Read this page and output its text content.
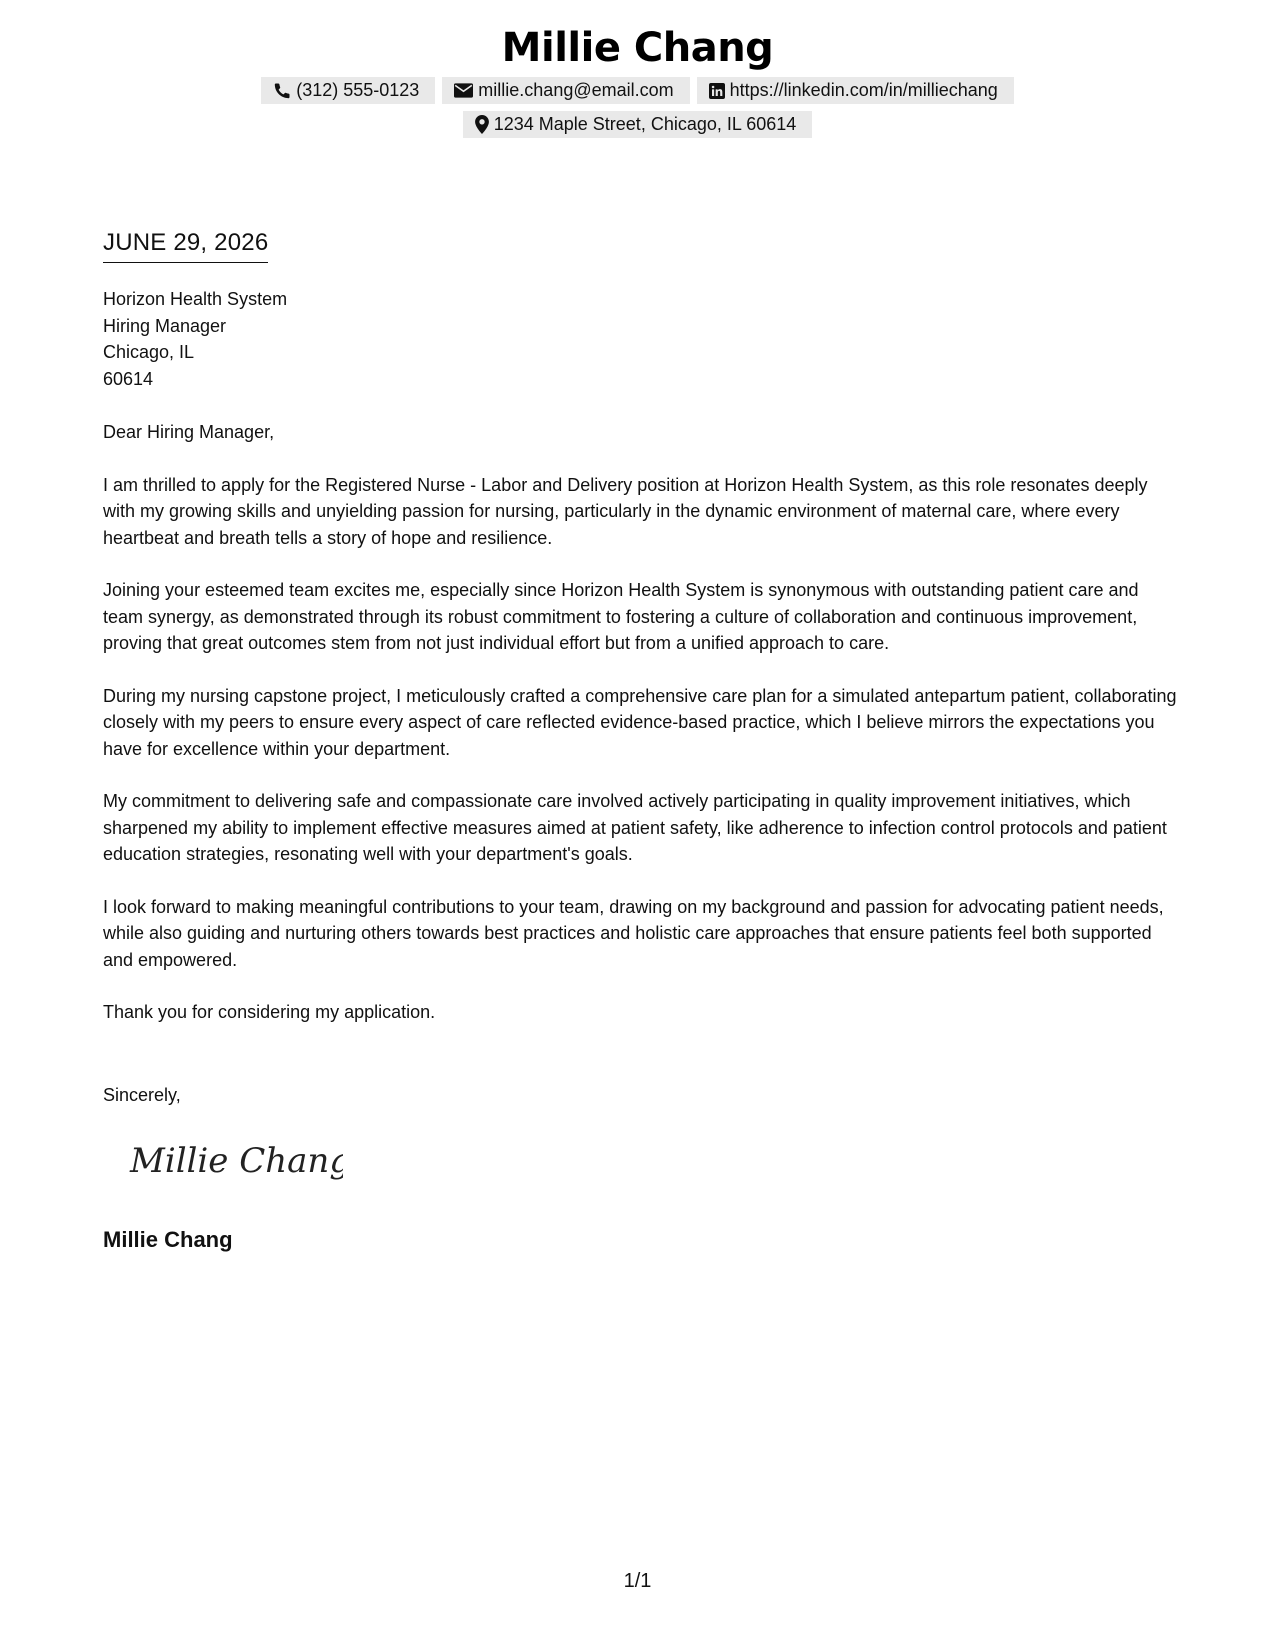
Millie Chang
(312) 555-0123	millie.chang@email.com	https://linkedin.com/in/milliechang
1234 Maple Street, Chicago, IL 60614
JUNE 29, 2026
Horizon Health System
Hiring Manager
Chicago, IL
60614

Dear Hiring Manager,

I am thrilled to apply for the Registered Nurse - Labor and Delivery position at Horizon Health System, as this role resonates deeply with my growing skills and unyielding passion for nursing, particularly in the dynamic environment of maternal care, where every heartbeat and breath tells a story of hope and resilience.

Joining your esteemed team excites me, especially since Horizon Health System is synonymous with outstanding patient care and team synergy, as demonstrated through its robust commitment to fostering a culture of collaboration and continuous improvement, proving that great outcomes stem from not just individual effort but from a unified approach to care.

During my nursing capstone project, I meticulously crafted a comprehensive care plan for a simulated antepartum patient, collaborating closely with my peers to ensure every aspect of care reflected evidence-based practice, which I believe mirrors the expectations you have for excellence within your department.

My commitment to delivering safe and compassionate care involved actively participating in quality improvement initiatives, which sharpened my ability to implement effective measures aimed at patient safety, like adherence to infection control protocols and patient education strategies, resonating well with your department's goals.

I look forward to making meaningful contributions to your team, drawing on my background and passion for advocating patient needs, while also guiding and nurturing others towards best practices and holistic care approaches that ensure patients feel both supported and empowered.

Thank you for considering my application.

Sincerely,
Millie Chang
Millie Chang
1/1
